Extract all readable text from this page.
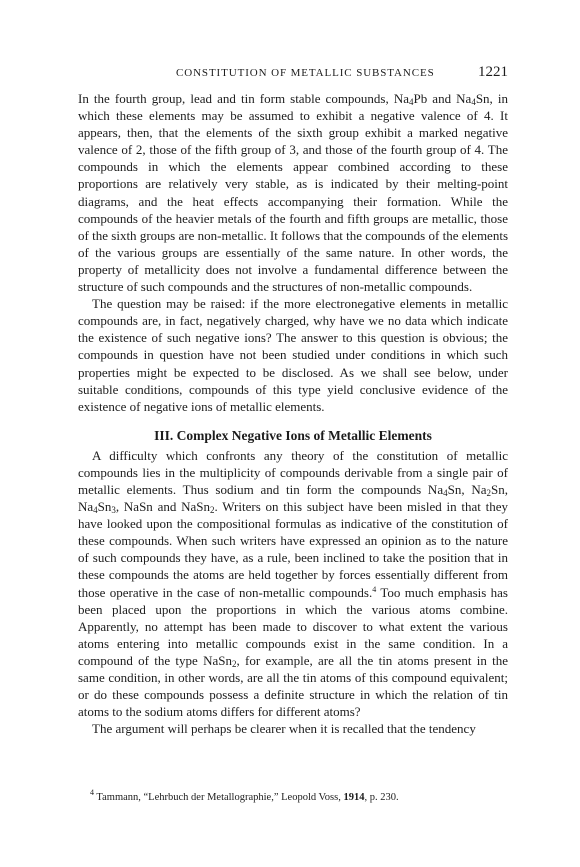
CONSTITUTION OF METALLIC SUBSTANCES	1221

In the fourth group, lead and tin form stable compounds, $Na_4Pb$ and $Na_4Sn$, in which these elements may be assumed to exhibit a negative valence of 4. It appears, then, that the elements of the sixth group exhibit a marked negative valence of 2, those of the fifth group of 3, and those of the fourth group of 4. The compounds in which the elements appear combined according to these proportions are relatively very stable, as is indicated by their melting-point diagrams, and the heat effects accompanying their formation. While the compounds of the heavier metals of the fourth and fifth groups are metallic, those of the sixth groups are non-metallic. It follows that the compounds of the elements of the various groups are essentially of the same nature. In other words, the property of metallicity does not involve a fundamental difference between the structure of such compounds and the structures of non-metallic compounds.

The question may be raised: if the more electronegative elements in metallic compounds are, in fact, negatively charged, why have we no data which indicate the existence of such negative ions? The answer to this question is obvious; the compounds in question have not been studied under conditions in which such properties might be expected to be disclosed. As we shall see below, under suitable conditions, compounds of this type yield conclusive evidence of the existence of negative ions of metallic elements.

III. Complex Negative Ions of Metallic Elements

A difficulty which confronts any theory of the constitution of metallic compounds lies in the multiplicity of compounds derivable from a single pair of metallic elements. Thus sodium and tin form the compounds $Na_4Sn$, $Na_2Sn$, $Na_4Sn_3$, NaSn and NaSn$_2$. Writers on this subject have been misled in that they have looked upon the compositional formulas as indicative of the constitution of these compounds. When such writers have expressed an opinion as to the nature of such compounds they have, as a rule, been inclined to take the position that in these compounds the atoms are held together by forces essentially different from those operative in the case of non-metallic compounds.$^4$ Too much emphasis has been placed upon the proportions in which the various atoms combine. Apparently, no attempt has been made to discover to what extent the various atoms entering into metallic compounds exist in the same condition. In a compound of the type NaSn$_2$, for example, are all the tin atoms present in the same condition, in other words, are all the tin atoms of this compound equivalent; or do these compounds possess a definite structure in which the relation of tin atoms to the sodium atoms differs for different atoms?

The argument will perhaps be clearer when it is recalled that the tendency

$^4$ Tammann, “Lehrbuch der Metallographie,” Leopold Voss, 1914, p. 230.
